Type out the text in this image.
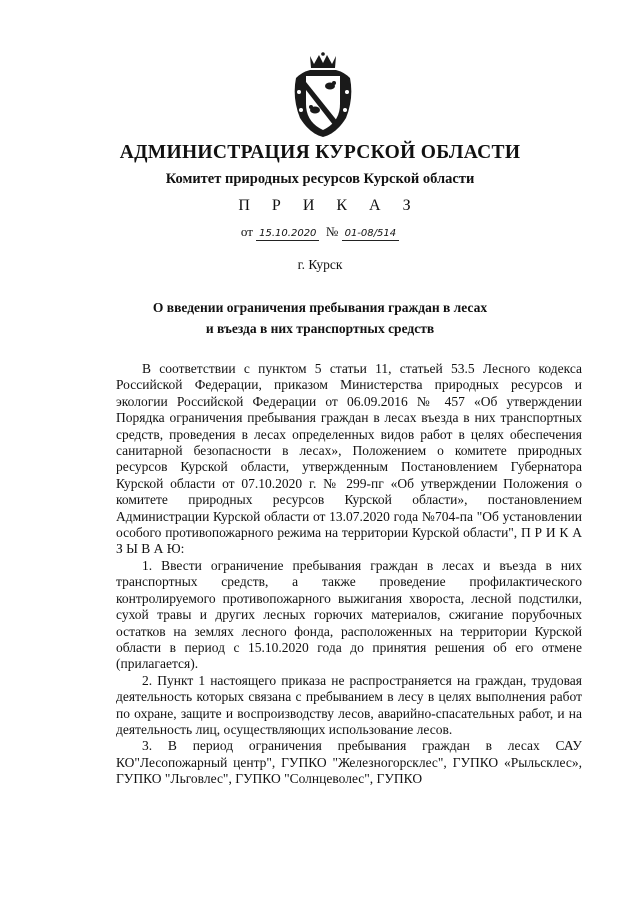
АДМИНИСТРАЦИЯ КУРСКОЙ ОБЛАСТИ
Комитет природных ресурсов Курской области
П Р И К А З
от 15.10.2020 № 01-08/514
г. Курск
О введении ограничения пребывания граждан в лесах
и въезда в них транспортных средств

В соответствии с пунктом 5 статьи 11, статьей 53.5 Лесного кодекса Российской Федерации, приказом Министерства природных ресурсов и экологии Российской Федерации от 06.09.2016 № 457 «Об утверждении Порядка ограничения пребывания граждан в лесах въезда в них транспортных средств, проведения в лесах определенных видов работ в целях обеспечения санитарной безопасности в лесах», Положением о комитете природных ресурсов Курской области, утвержденным Постановлением Губернатора Курской области от 07.10.2020 г. № 299-пг «Об утверждении Положения о комитете природных ресурсов Курской области», постановлением Администрации Курской области от 13.07.2020 года №704-па "Об установлении особого противопожарного режима на территории Курской области", П Р И К А З Ы В А Ю:

1. Ввести ограничение пребывания граждан в лесах и въезда в них транспортных средств, а также проведение профилактического контролируемого противопожарного выжигания хвороста, лесной подстилки, сухой травы и других лесных горючих материалов, сжигание порубочных остатков на землях лесного фонда, расположенных на территории Курской области в период с 15.10.2020 года до принятия решения об его отмене (прилагается).

2. Пункт 1 настоящего приказа не распространяется на граждан, трудовая деятельность которых связана с пребыванием в лесу в целях выполнения работ по охране, защите и воспроизводству лесов, аварийно-спасательных работ, и на деятельность лиц, осуществляющих использование лесов.

3. В период ограничения пребывания граждан в лесах САУ КО"Лесопожарный центр", ГУПКО "Железногорсклес", ГУПКО «Рыльсклес», ГУПКО "Льговлес", ГУПКО "Солнцеволес", ГУПКО
